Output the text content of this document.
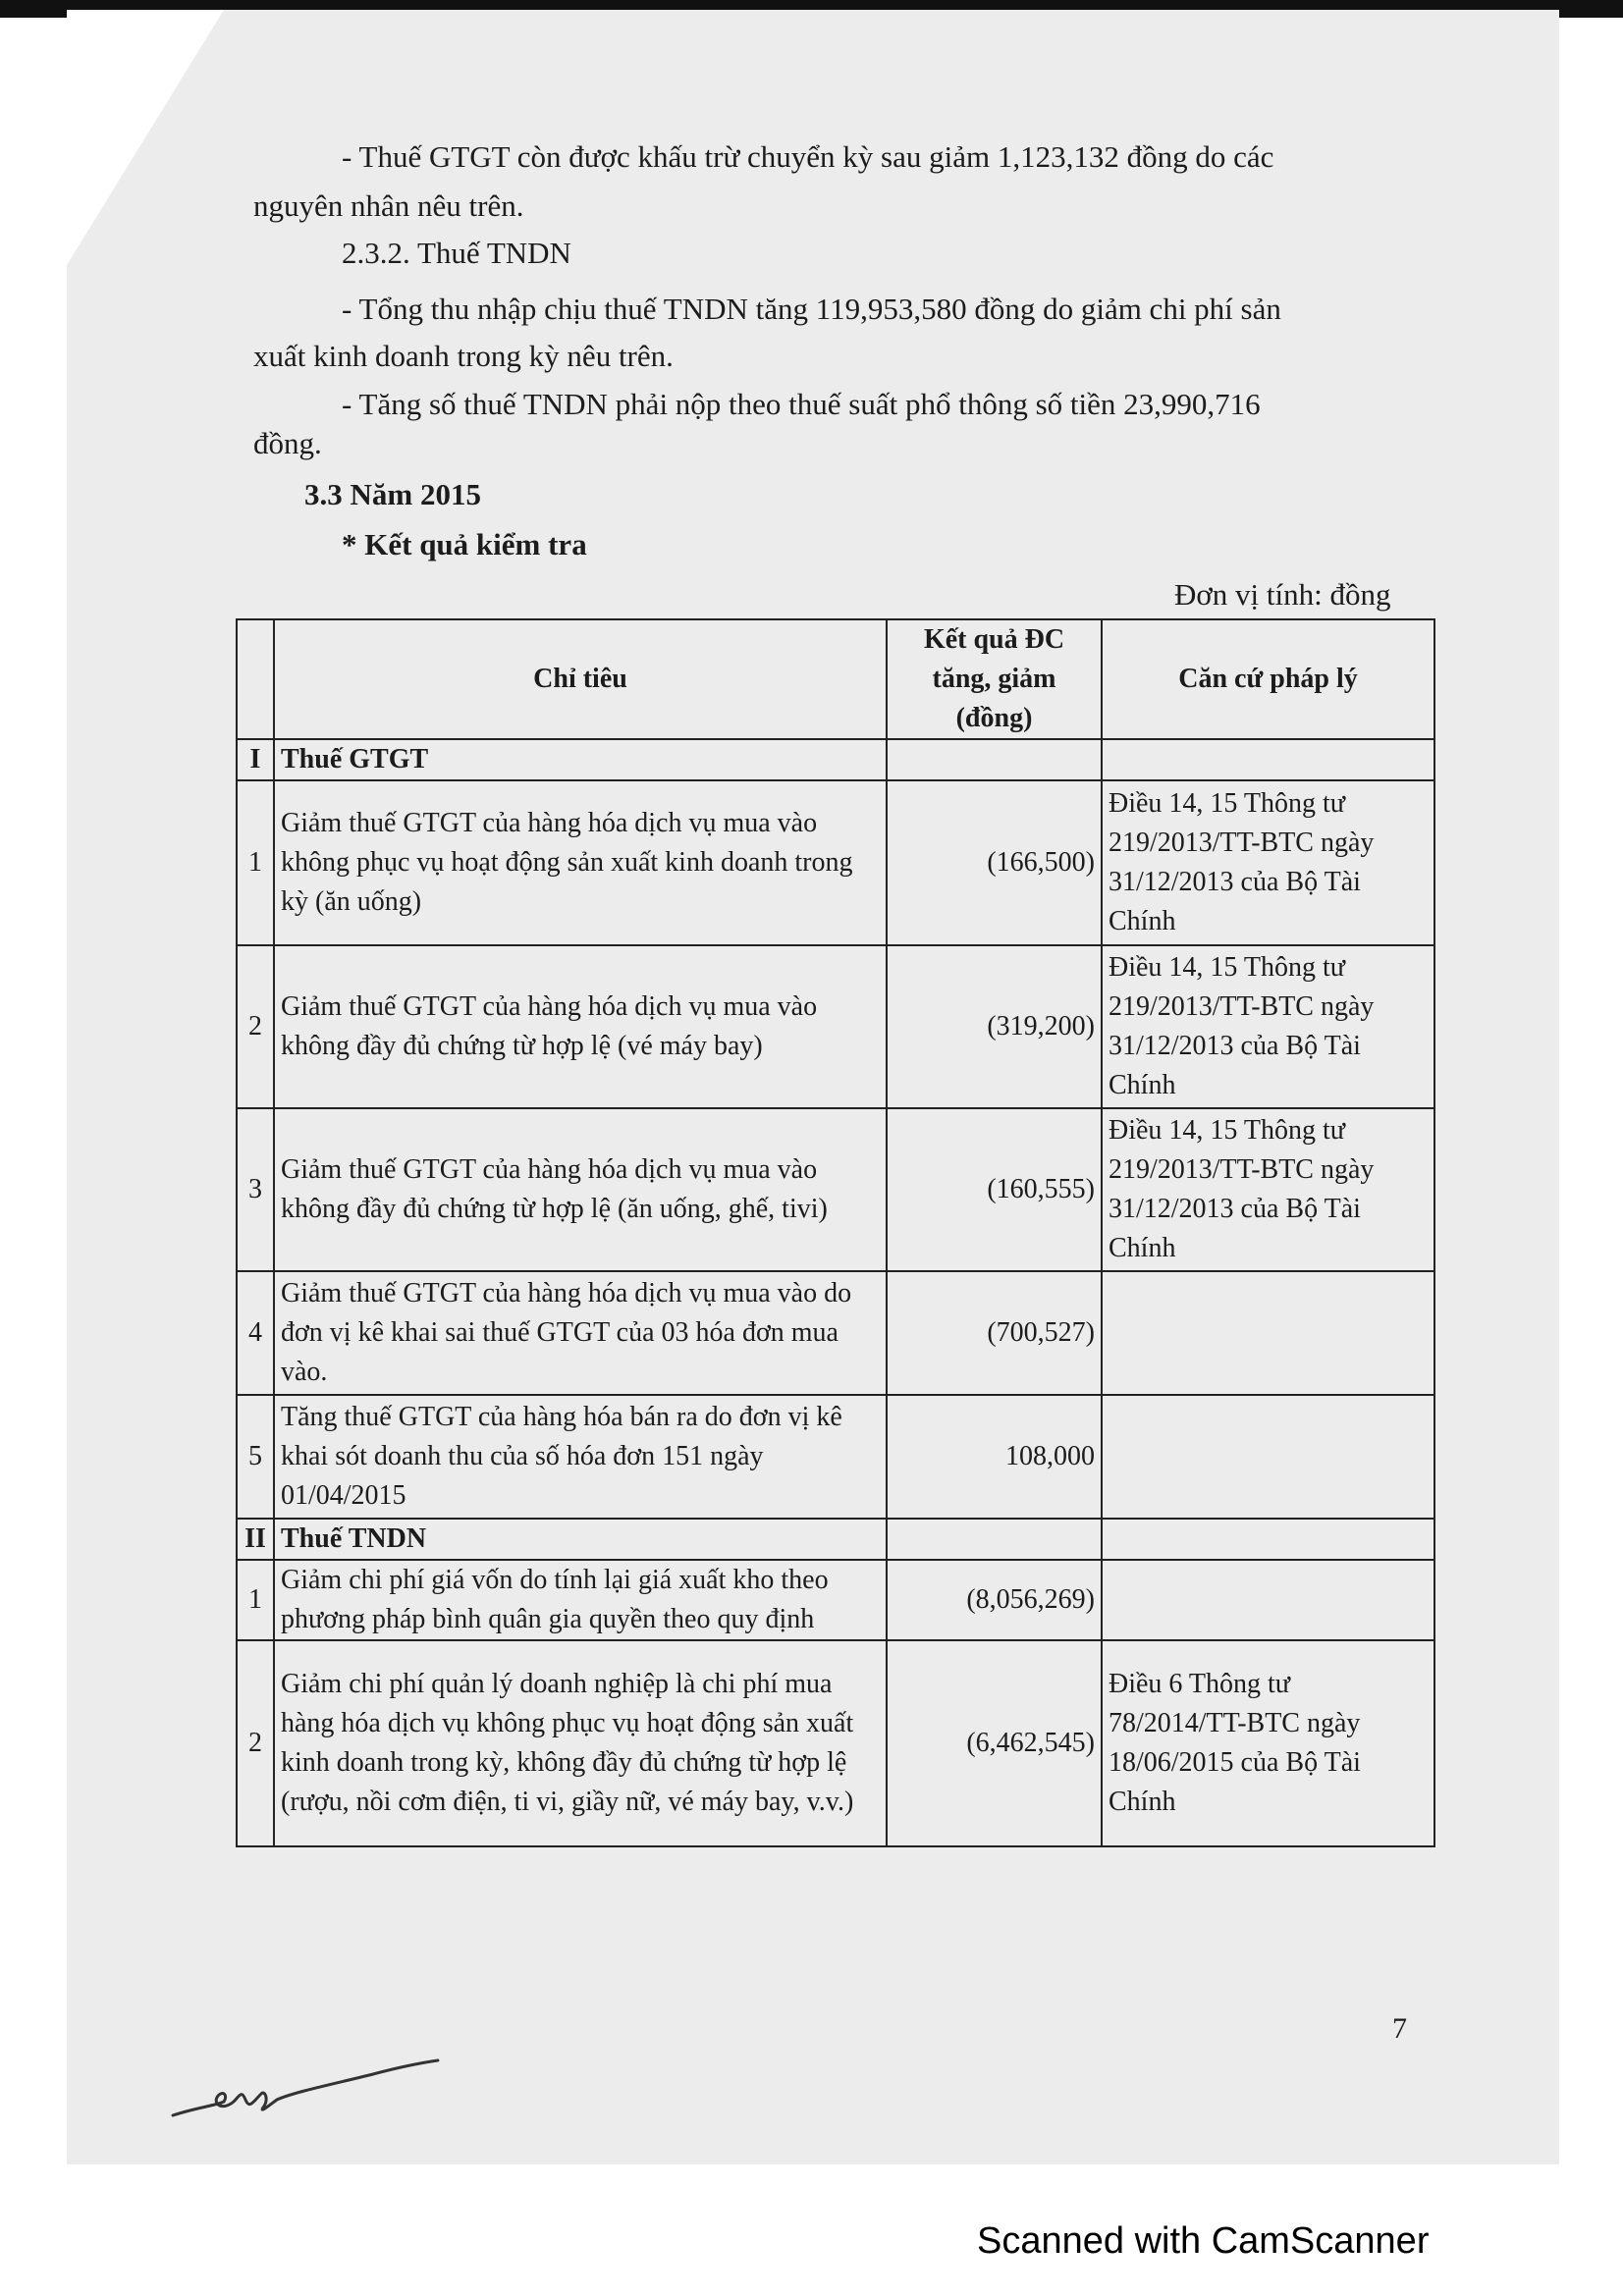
- Thuế GTGT còn được khấu trừ chuyển kỳ sau giảm 1,123,132 đồng do các
nguyên nhân nêu trên.
2.3.2. Thuế TNDN
- Tổng thu nhập chịu thuế TNDN tăng 119,953,580 đồng do giảm chi phí sản
xuất kinh doanh trong kỳ nêu trên.
- Tăng số thuế TNDN phải nộp theo thuế suất phổ thông số tiền 23,990,716
đồng.
3.3 Năm 2015
* Kết quả kiểm tra
Đơn vị tính: đồng
	Chỉ tiêu	Kết quả ĐC tăng, giảm (đồng)	Căn cứ pháp lý
I	Thuế GTGT		
1	Giảm thuế GTGT của hàng hóa dịch vụ mua vào không phục vụ hoạt động sản xuất kinh doanh trong kỳ (ăn uống)	(166,500)	Điều 14, 15 Thông tư 219/2013/TT-BTC ngày 31/12/2013 của Bộ Tài Chính
2	Giảm thuế GTGT của hàng hóa dịch vụ mua vào không đầy đủ chứng từ hợp lệ (vé máy bay)	(319,200)	Điều 14, 15 Thông tư 219/2013/TT-BTC ngày 31/12/2013 của Bộ Tài Chính
3	Giảm thuế GTGT của hàng hóa dịch vụ mua vào không đầy đủ chứng từ hợp lệ (ăn uống, ghế, tivi)	(160,555)	Điều 14, 15 Thông tư 219/2013/TT-BTC ngày 31/12/2013 của Bộ Tài Chính
4	Giảm thuế GTGT của hàng hóa dịch vụ mua vào do đơn vị kê khai sai thuế GTGT của 03 hóa đơn mua vào.	(700,527)	
5	Tăng thuế GTGT của hàng hóa bán ra do đơn vị kê khai sót doanh thu của số hóa đơn 151 ngày 01/04/2015	108,000	
II	Thuế TNDN		
1	Giảm chi phí giá vốn do tính lại giá xuất kho theo phương pháp bình quân gia quyền theo quy định	(8,056,269)	
2	Giảm chi phí quản lý doanh nghiệp là chi phí mua hàng hóa dịch vụ không phục vụ hoạt động sản xuất kinh doanh trong kỳ, không đầy đủ chứng từ hợp lệ (rượu, nồi cơm điện, ti vi, giầy nữ, vé máy bay, v.v.)	(6,462,545)	Điều 6 Thông tư 78/2014/TT-BTC ngày 18/06/2015 của Bộ Tài Chính
7
Scanned with CamScanner
